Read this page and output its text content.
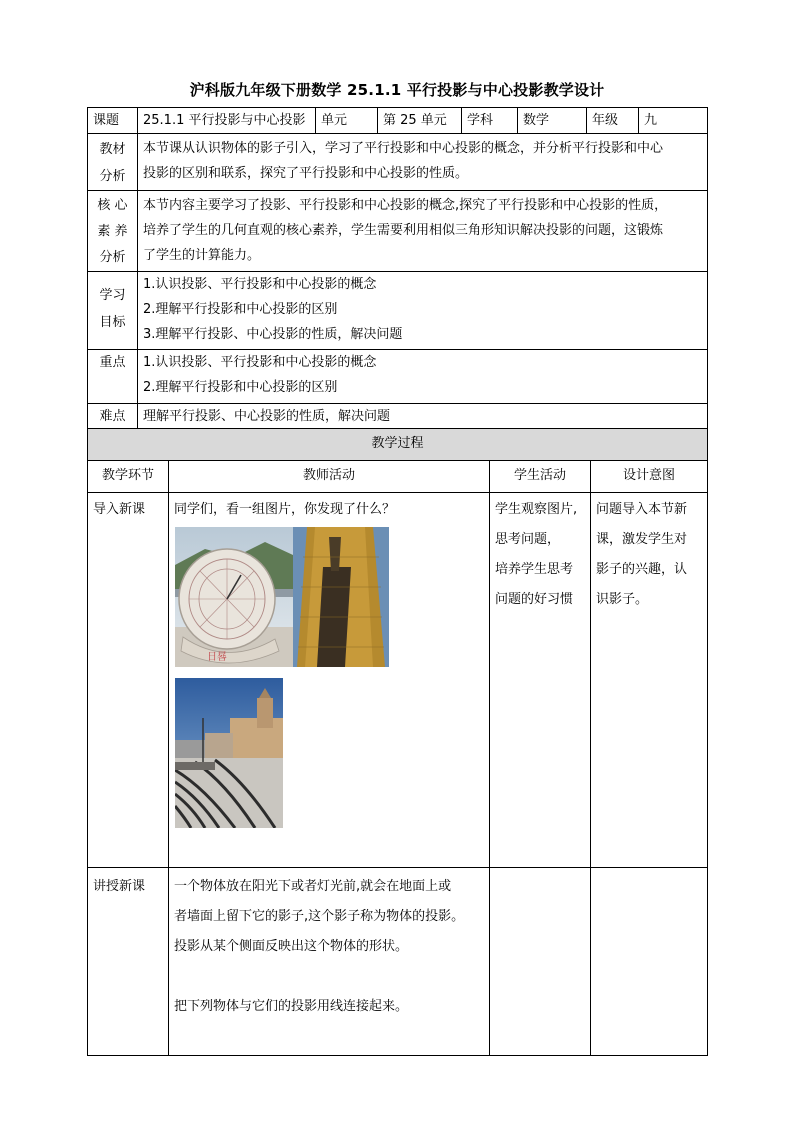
沪科版九年级下册数学 25.1.1 平行投影与中心投影教学设计
课题	25.1.1 平行投影与中心投影	单元	第 25 单元	学科	数学	年级	九

教材
分析	本节课从认识物体的影子引入，学习了平行投影和中心投影的概念，并分析平行投影和中心
投影的区别和联系，探究了平行投影和中心投影的性质。						

核 心
素 养
分析	本节内容主要学习了投影、平行投影和中心投影的概念,探究了平行投影和中心投影的性质，
培养了学生的几何直观的核心素养，学生需要利用相似三角形知识解决投影的问题，这锻炼
了学生的计算能力。						

学习
目标	1.认识投影、平行投影和中心投影的概念
2.理解平行投影和中心投影的区别
3.理解平行投影、中心投影的性质，解决问题						

重点	1.认识投影、平行投影和中心投影的概念
2.理解平行投影和中心投影的区别						

难点	理解平行投影、中心投影的性质，解决问题						
教学过程			
教学环节	教师活动	学生活动	设计意图
导入新课	同学们，看一组图片，你发现了什么？
日晷	学生观察图片,
思考问题，
培养学生思考
问题的好习惯	问题导入本节新
课，激发学生对
影子的兴趣，认
识影子。

讲授新课	一个物体放在阳光下或者灯光前,就会在地面上或
者墙面上留下它的影子,这个影子称为物体的投影。
投影从某个侧面反映出这个物体的形状。
把下列物体与它们的投影用线连接起来。		
